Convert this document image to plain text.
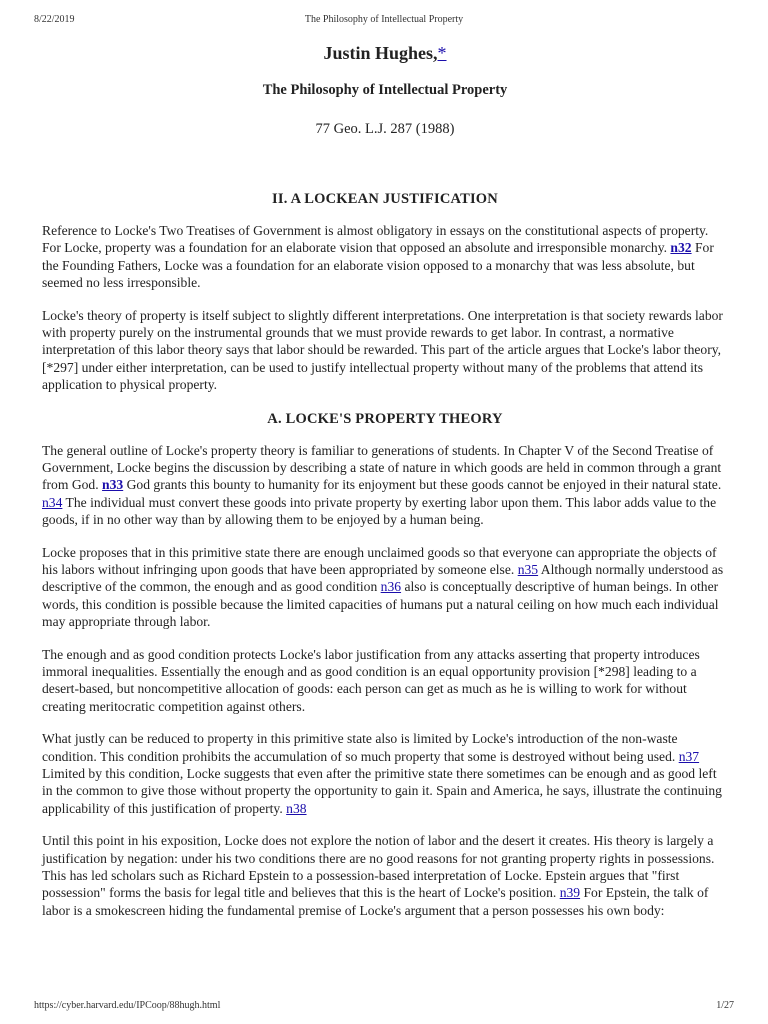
8/22/2019	The Philosophy of Intellectual Property
Justin Hughes,*
The Philosophy of Intellectual Property
77 Geo. L.J. 287 (1988)
II. A LOCKEAN JUSTIFICATION

Reference to Locke's Two Treatises of Government is almost obligatory in essays on the constitutional aspects of property. For Locke, property was a foundation for an elaborate vision that opposed an absolute and irresponsible monarchy. n32 For the Founding Fathers, Locke was a foundation for an elaborate vision opposed to a monarchy that was less absolute, but seemed no less irresponsible.

Locke's theory of property is itself subject to slightly different interpretations. One interpretation is that society rewards labor with property purely on the instrumental grounds that we must provide rewards to get labor. In contrast, a normative interpretation of this labor theory says that labor should be rewarded. This part of the article argues that Locke's labor theory, [*297] under either interpretation, can be used to justify intellectual property without many of the problems that attend its application to physical property.

A. LOCKE'S PROPERTY THEORY

The general outline of Locke's property theory is familiar to generations of students. In Chapter V of the Second Treatise of Government, Locke begins the discussion by describing a state of nature in which goods are held in common through a grant from God. n33 God grants this bounty to humanity for its enjoyment but these goods cannot be enjoyed in their natural state. n34 The individual must convert these goods into private property by exerting labor upon them. This labor adds value to the goods, if in no other way than by allowing them to be enjoyed by a human being.

Locke proposes that in this primitive state there are enough unclaimed goods so that everyone can appropriate the objects of his labors without infringing upon goods that have been appropriated by someone else. n35 Although normally understood as descriptive of the common, the enough and as good condition n36 also is conceptually descriptive of human beings. In other words, this condition is possible because the limited capacities of humans put a natural ceiling on how much each individual may appropriate through labor.

The enough and as good condition protects Locke's labor justification from any attacks asserting that property introduces immoral inequalities. Essentially the enough and as good condition is an equal opportunity provision [*298] leading to a desert-based, but noncompetitive allocation of goods: each person can get as much as he is willing to work for without creating meritocratic competition against others.

What justly can be reduced to property in this primitive state also is limited by Locke's introduction of the non-waste condition. This condition prohibits the accumulation of so much property that some is destroyed without being used. n37 Limited by this condition, Locke suggests that even after the primitive state there sometimes can be enough and as good left in the common to give those without property the opportunity to gain it. Spain and America, he says, illustrate the continuing applicability of this justification of property. n38

Until this point in his exposition, Locke does not explore the notion of labor and the desert it creates. His theory is largely a justification by negation: under his two conditions there are no good reasons for not granting property rights in possessions. This has led scholars such as Richard Epstein to a possession-based interpretation of Locke. Epstein argues that "first possession" forms the basis for legal title and believes that this is the heart of Locke's position. n39 For Epstein, the talk of labor is a smokescreen hiding the fundamental premise of Locke's argument that a person possesses his own body:

https://cyber.harvard.edu/IPCoop/88hugh.html	1/27
